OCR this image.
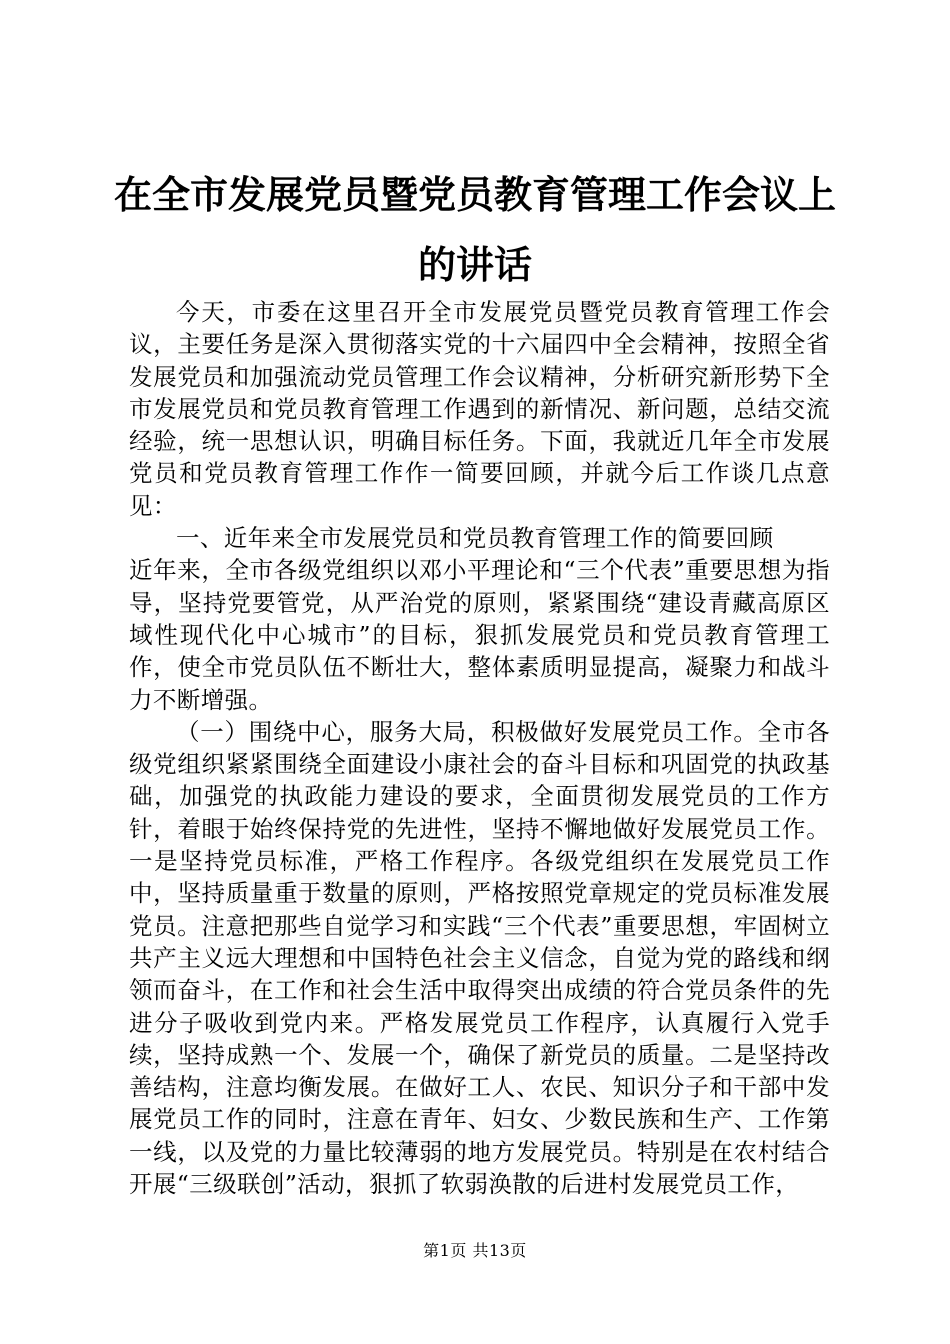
在全市发展党员暨党员教育管理工作会议上的讲话

今天，市委在这里召开全市发展党员暨党员教育管理工作会议，主要任务是深入贯彻落实党的十六届四中全会精神，按照全省发展党员和加强流动党员管理工作会议精神，分析研究新形势下全市发展党员和党员教育管理工作遇到的新情况、新问题，总结交流经验，统一思想认识，明确目标任务。下面，我就近几年全市发展党员和党员教育管理工作作一简要回顾，并就今后工作谈几点意见：

一、近年来全市发展党员和党员教育管理工作的简要回顾

近年来，全市各级党组织以邓小平理论和“三个代表”重要思想为指导，坚持党要管党，从严治党的原则，紧紧围绕“建设青藏高原区域性现代化中心城市”的目标，狠抓发展党员和党员教育管理工作，使全市党员队伍不断壮大，整体素质明显提高，凝聚力和战斗力不断增强。

（一）围绕中心，服务大局，积极做好发展党员工作。全市各级党组织紧紧围绕全面建设小康社会的奋斗目标和巩固党的执政基础，加强党的执政能力建设的要求，全面贯彻发展党员的工作方针，着眼于始终保持党的先进性，坚持不懈地做好发展党员工作。一是坚持党员标准，严格工作程序。各级党组织在发展党员工作中，坚持质量重于数量的原则，严格按照党章规定的党员标准发展党员。注意把那些自觉学习和实践“三个代表”重要思想，牢固树立共产主义远大理想和中国特色社会主义信念，自觉为党的路线和纲领而奋斗，在工作和社会生活中取得突出成绩的符合党员条件的先进分子吸收到党内来。严格发展党员工作程序，认真履行入党手续，坚持成熟一个、发展一个，确保了新党员的质量。二是坚持改善结构，注意均衡发展。在做好工人、农民、知识分子和干部中发展党员工作的同时，注意在青年、妇女、少数民族和生产、工作第一线，以及党的力量比较薄弱的地方发展党员。特别是在农村结合开展“三级联创”活动，狠抓了软弱涣散的后进村发展党员工作，

第1页 共13页
